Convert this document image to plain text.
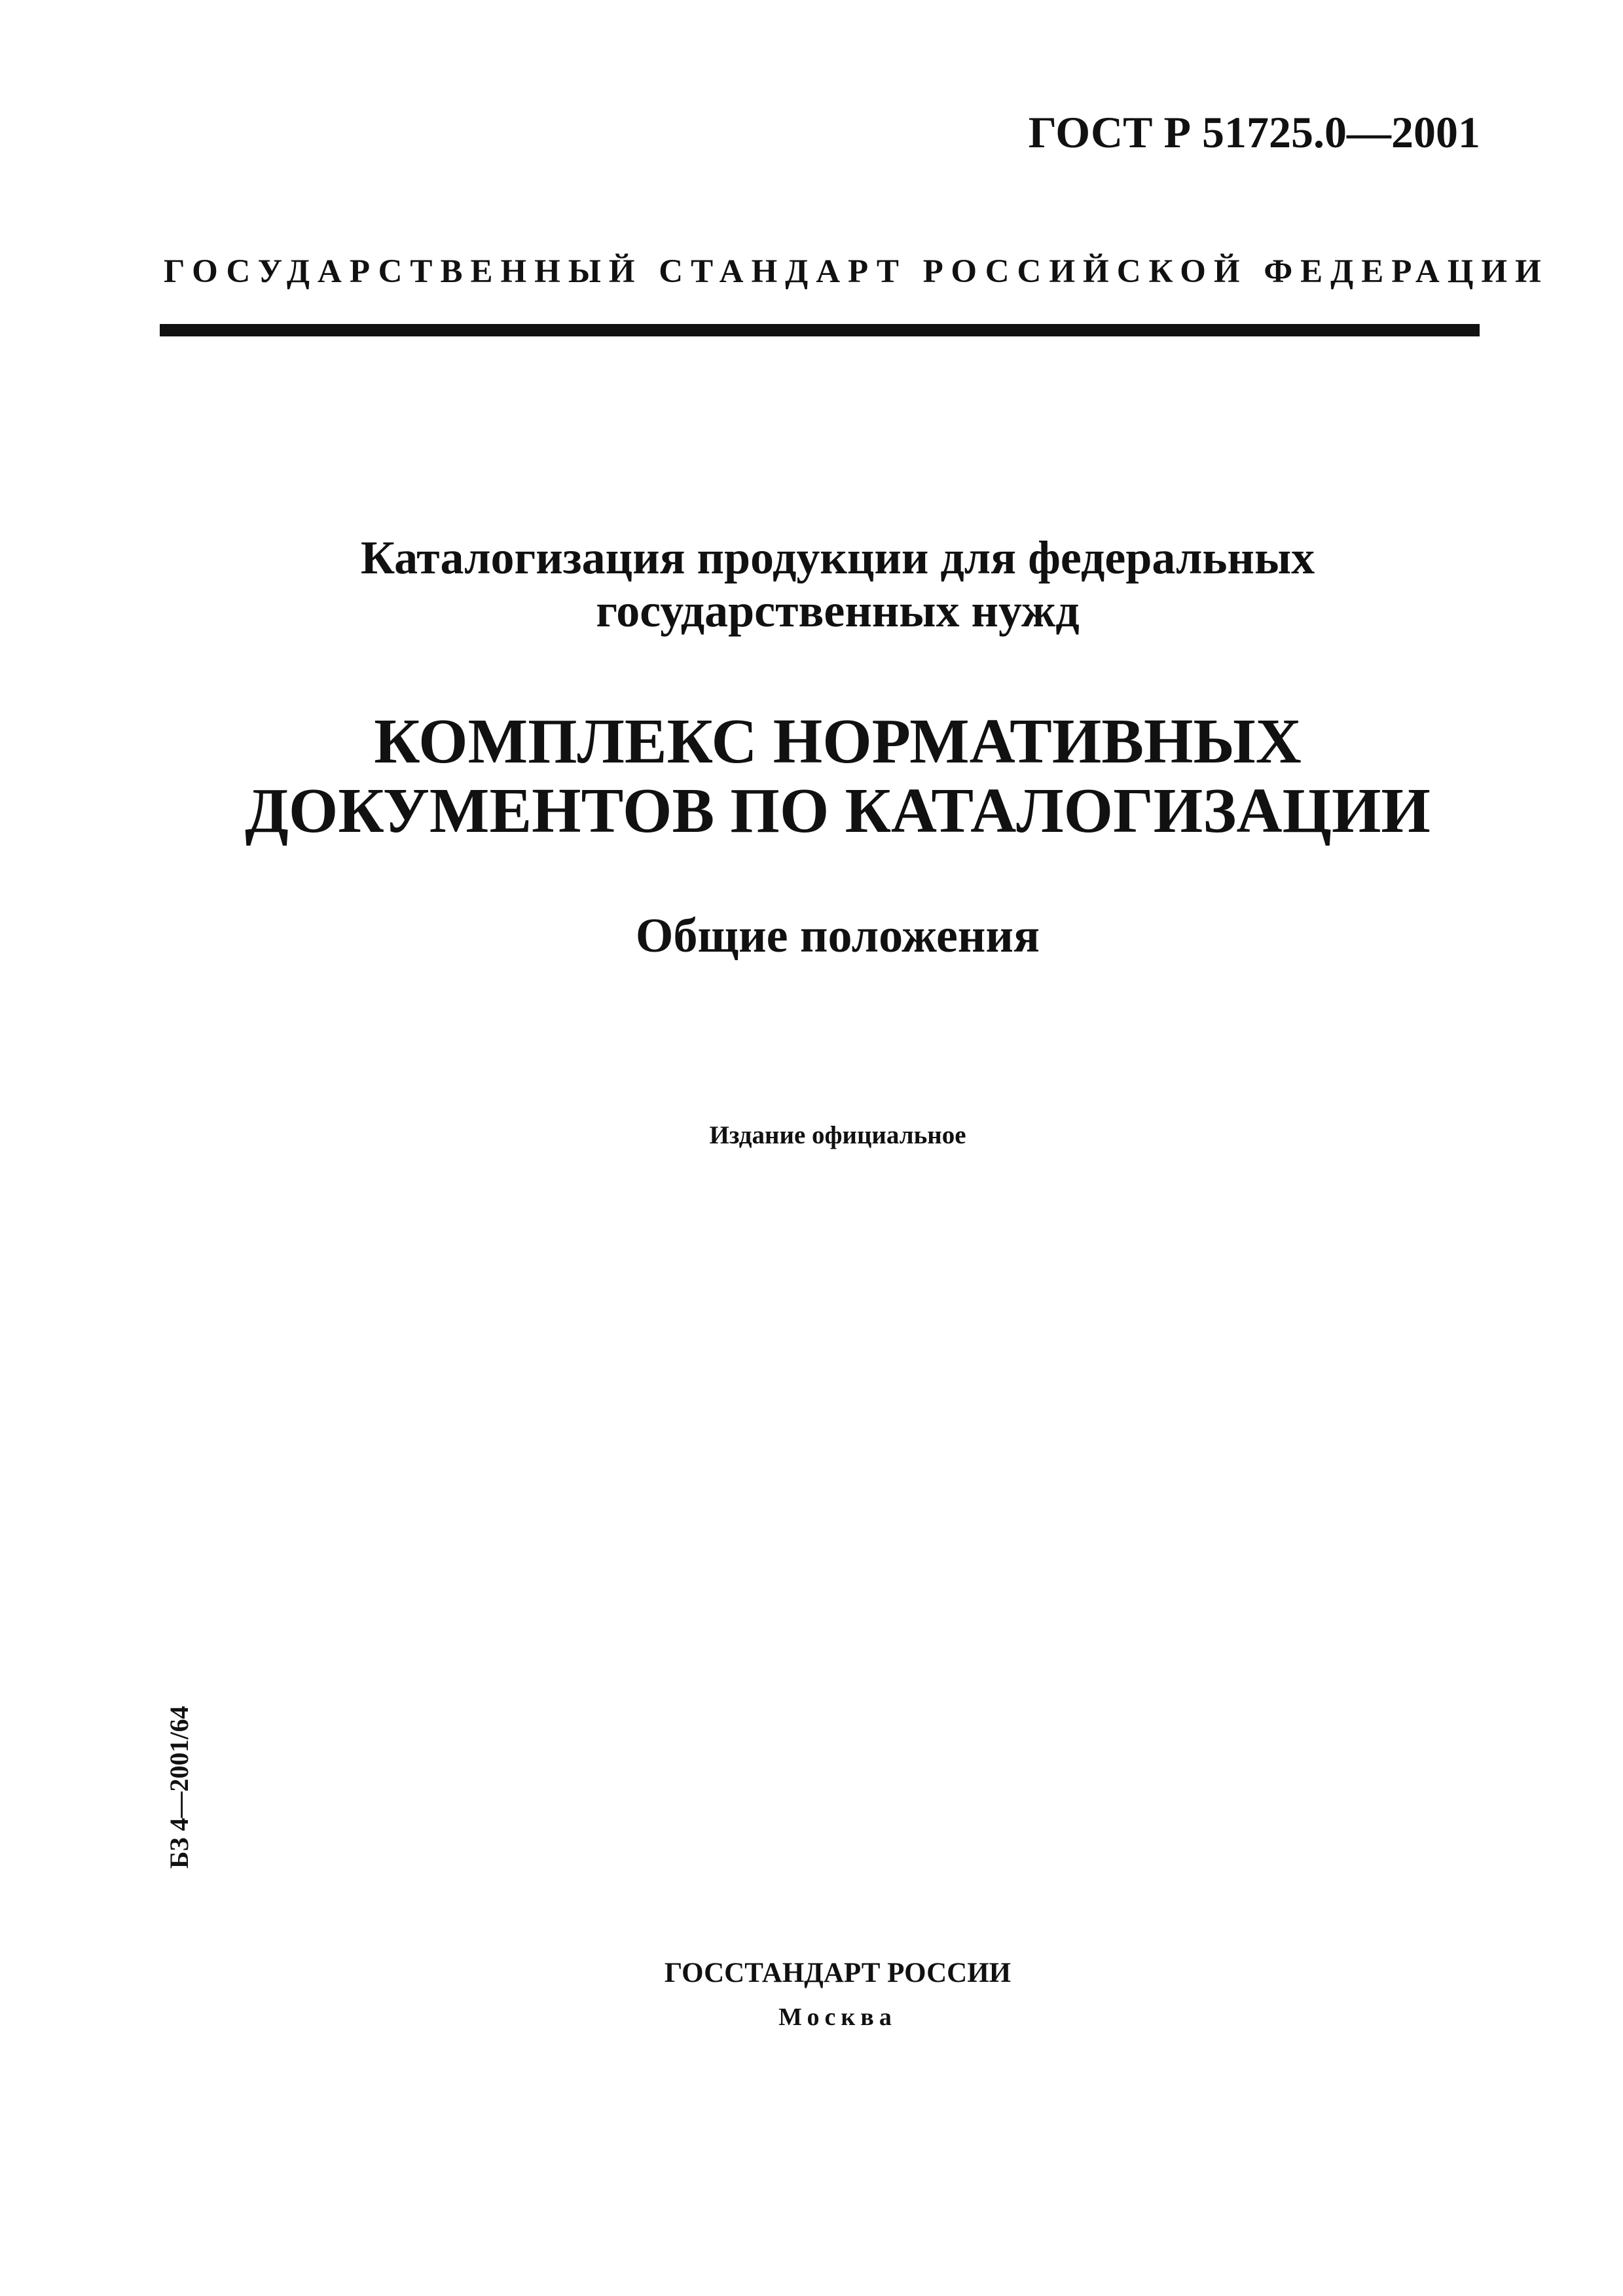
ГОСТ Р 51725.0—2001
ГОСУДАРСТВЕННЫЙ СТАНДАРТ РОССИЙСКОЙ ФЕДЕРАЦИИ
Каталогизация продукции для федеральных
государственных нужд
КОМПЛЕКС НОРМАТИВНЫХ
ДОКУМЕНТОВ ПО КАТАЛОГИЗАЦИИ
Общие положения
Издание официальное
БЗ 4—2001/64
ГОССТАНДАРТ РОССИИ
Москва
